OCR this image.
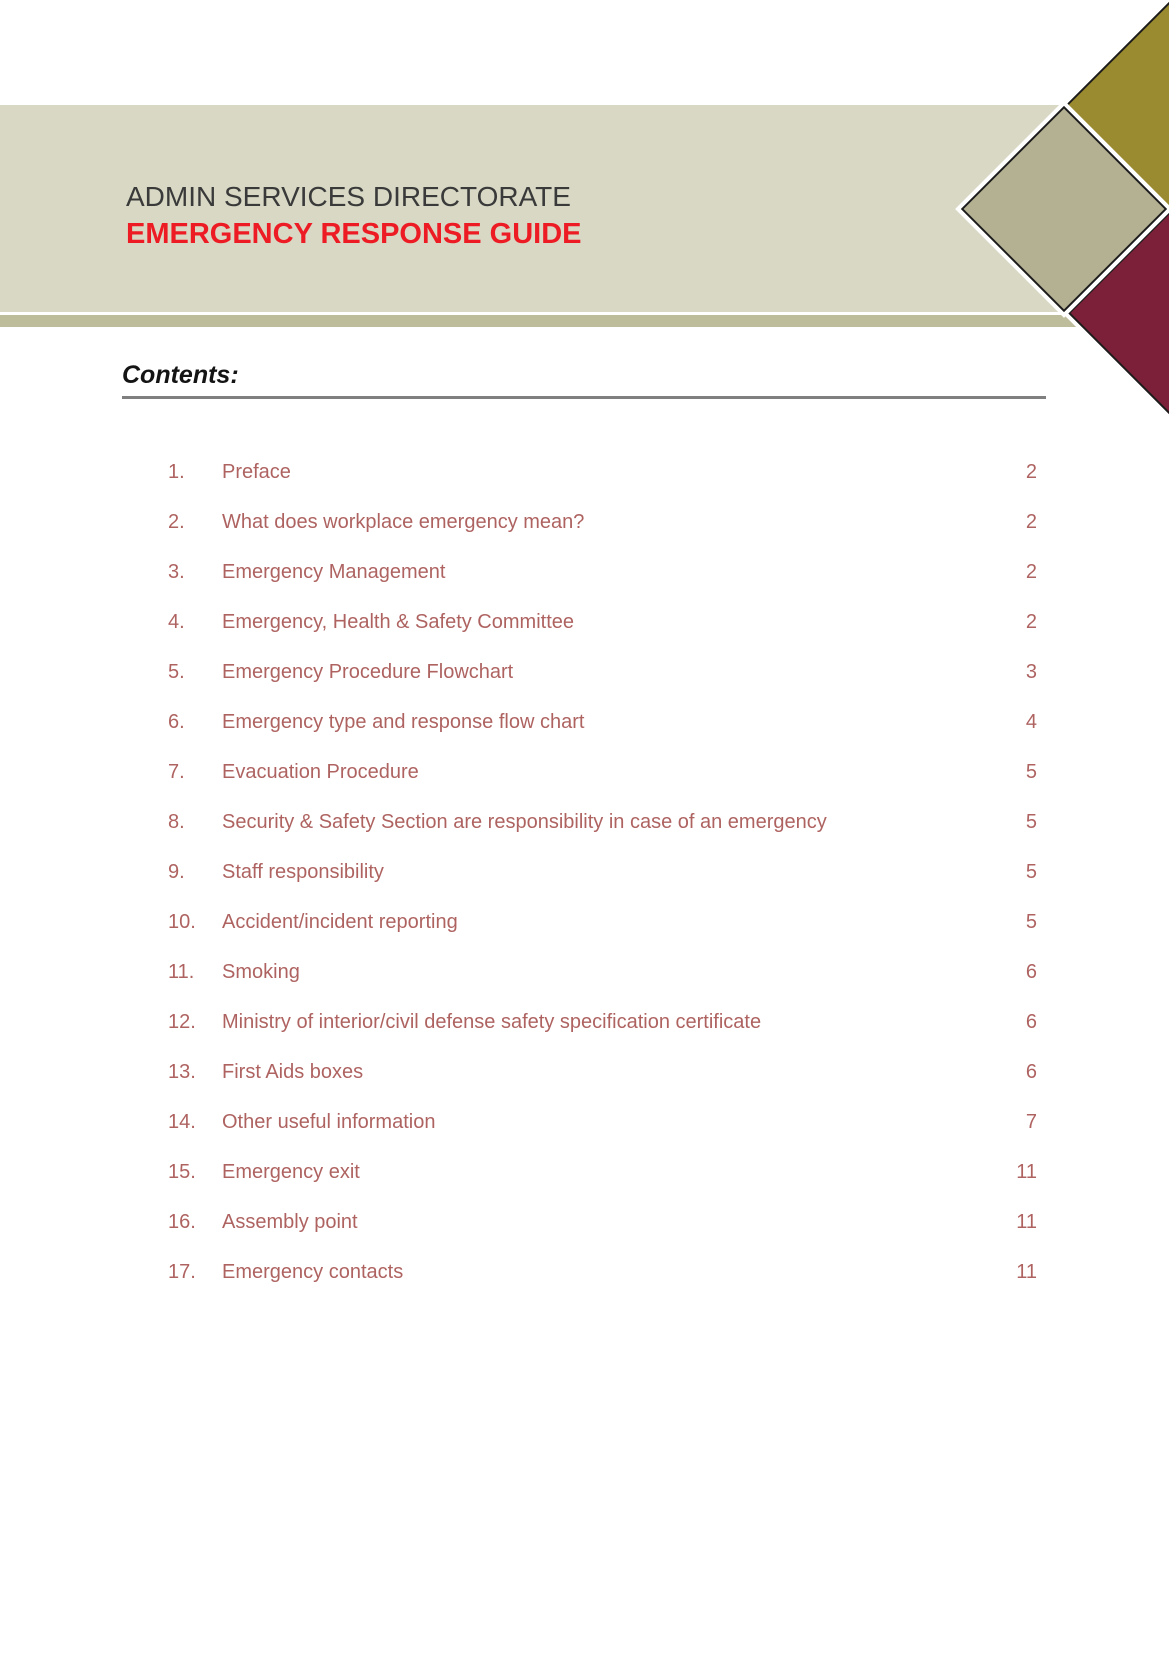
ADMIN SERVICES DIRECTORATE
EMERGENCY RESPONSE GUIDE
Contents:
1.	Preface	2
2.	What does workplace emergency mean?	2
3.	Emergency Management	2
4.	Emergency, Health & Safety Committee	2
5.	Emergency Procedure Flowchart	3
6.	Emergency type and response flow chart	4
7.	Evacuation Procedure	5
8.	Security & Safety Section are responsibility in case of an emergency	5
9.	Staff responsibility	5
10.	Accident/incident reporting	5
11.	Smoking	6
12.	Ministry of interior/civil defense safety specification certificate	6
13.	First Aids boxes	6
14.	Other useful information	7
15.	Emergency exit	11
16.	Assembly point	11
17.	Emergency contacts	11
